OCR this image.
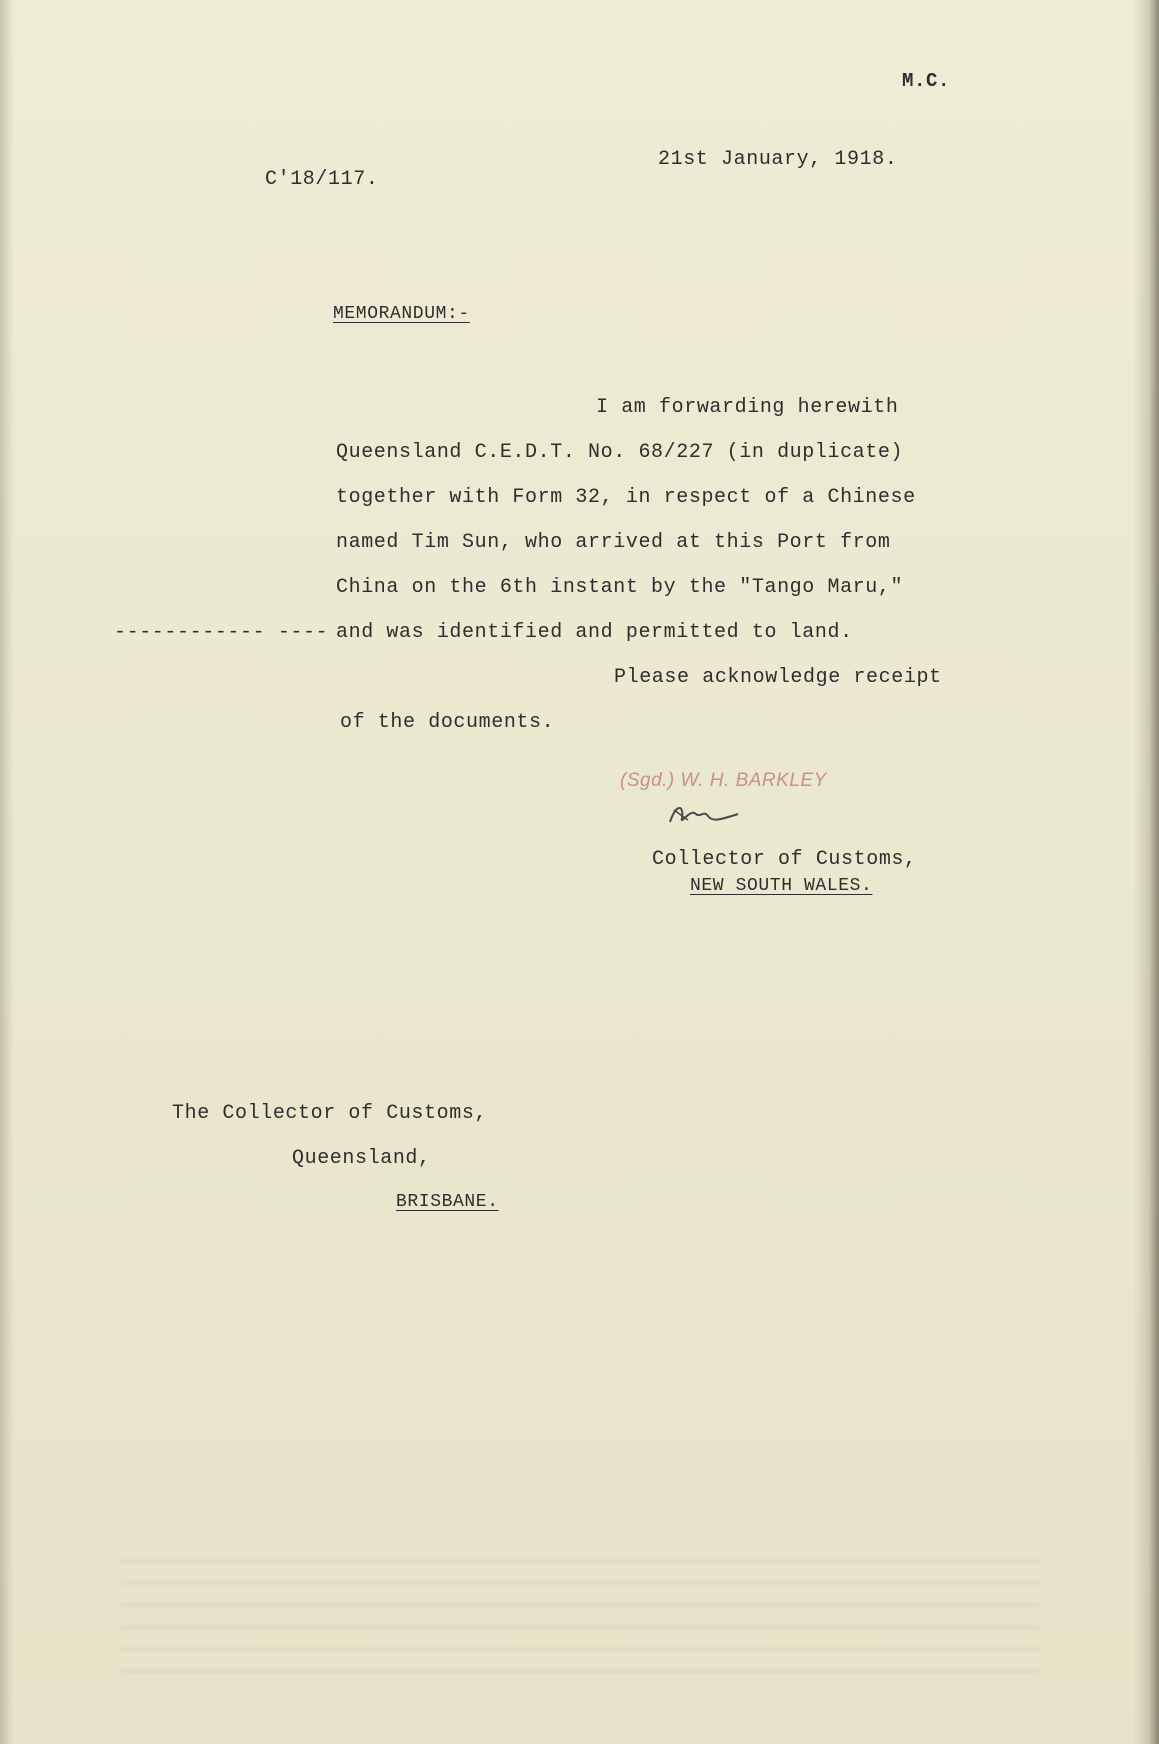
M.C.
C'18/117.
21st January, 1918.
MEMORANDUM:-
I am forwarding herewith
Queensland C.E.D.T. No. 68/227 (in duplicate)
together with Form 32, in respect of a Chinese
named Tim Sun, who arrived at this Port from
China on the 6th instant by the "Tango Maru,"
and was identified and permitted to land.
------------ ----
Please acknowledge receipt
of the documents.
(Sgd.) W. H. BARKLEY
Collector of Customs,
NEW SOUTH WALES.
The Collector of Customs,
Queensland,
BRISBANE.
